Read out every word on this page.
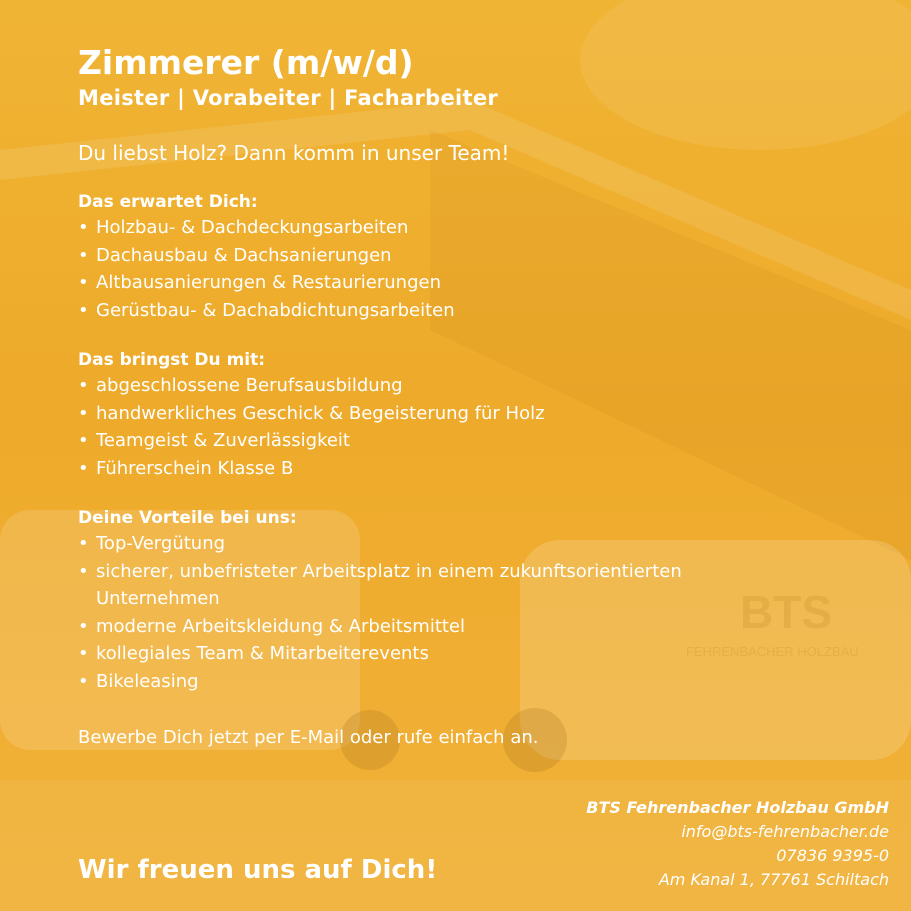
BTS
FEHRENBACHER HOLZBAU
Zimmerer (m/w/d)
Meister | Vorabeiter | Facharbeiter
Du liebst Holz? Dann komm in unser Team!
Das erwartet Dich:
• Holzbau- & Dachdeckungsarbeiten
• Dachausbau & Dachsanierungen
• Altbausanierungen & Restaurierungen
• Gerüstbau- & Dachabdichtungsarbeiten
Das bringst Du mit:
• abgeschlossene Berufsausbildung
• handwerkliches Geschick & Begeisterung für Holz
• Teamgeist & Zuverlässigkeit
• Führerschein Klasse B
Deine Vorteile bei uns:
• Top-Vergütung
• sicherer, unbefristeter Arbeitsplatz in einem zukunftsorientierten Unternehmen
• moderne Arbeitskleidung & Arbeitsmittel
• kollegiales Team & Mitarbeiterevents
• Bikeleasing
Bewerbe Dich jetzt per E-Mail oder rufe einfach an.
Wir freuen uns auf Dich!
BTS Fehrenbacher Holzbau GmbH
info@bts-fehrenbacher.de
07836 9395-0
Am Kanal 1, 77761 Schiltach
